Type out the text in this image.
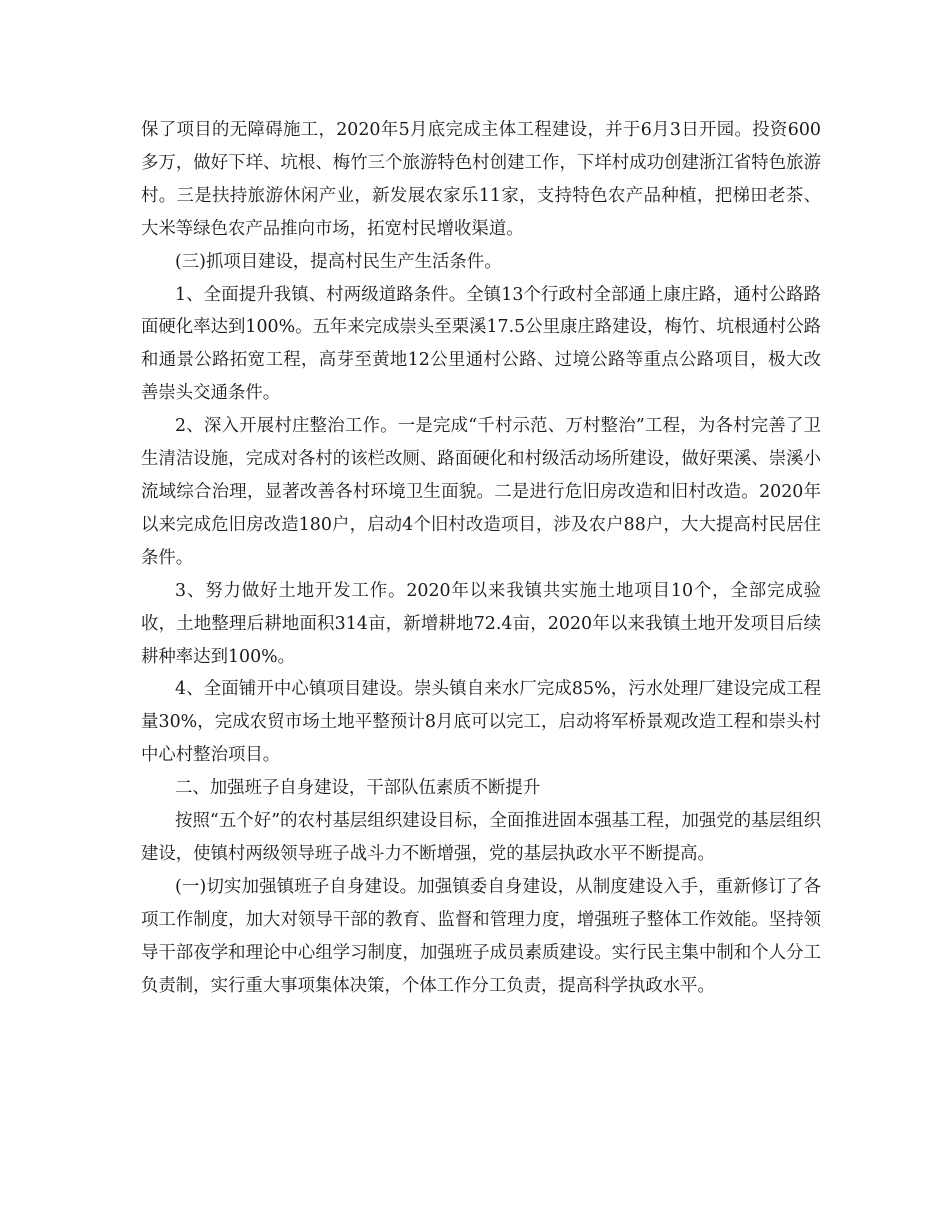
保了项目的无障碍施工，2020年5月底完成主体工程建设，并于6月3日开园。投资600多万，做好下垟、坑根、梅竹三个旅游特色村创建工作，下垟村成功创建浙江省特色旅游村。三是扶持旅游休闲产业，新发展农家乐11家，支持特色农产品种植，把梯田老茶、大米等绿色农产品推向市场，拓宽村民增收渠道。

(三)抓项目建设，提高村民生产生活条件。

1、全面提升我镇、村两级道路条件。全镇13个行政村全部通上康庄路，通村公路路面硬化率达到100%。五年来完成崇头至栗溪17.5公里康庄路建设，梅竹、坑根通村公路和通景公路拓宽工程，高芽至黄地12公里通村公路、过境公路等重点公路项目，极大改善崇头交通条件。

2、深入开展村庄整治工作。一是完成“千村示范、万村整治”工程，为各村完善了卫生清洁设施，完成对各村的该栏改厕、路面硬化和村级活动场所建设，做好栗溪、崇溪小流域综合治理，显著改善各村环境卫生面貌。二是进行危旧房改造和旧村改造。2020年以来完成危旧房改造180户，启动4个旧村改造项目，涉及农户88户，大大提高村民居住条件。

3、努力做好土地开发工作。2020年以来我镇共实施土地项目10个，全部完成验收，土地整理后耕地面积314亩，新增耕地72.4亩，2020年以来我镇土地开发项目后续耕种率达到100%。

4、全面铺开中心镇项目建设。崇头镇自来水厂完成85%，污水处理厂建设完成工程量30%，完成农贸市场土地平整预计8月底可以完工，启动将军桥景观改造工程和崇头村中心村整治项目。

二、加强班子自身建设，干部队伍素质不断提升

按照“五个好”的农村基层组织建设目标，全面推进固本强基工程，加强党的基层组织建设，使镇村两级领导班子战斗力不断增强，党的基层执政水平不断提高。

(一)切实加强镇班子自身建设。加强镇委自身建设，从制度建设入手，重新修订了各项工作制度，加大对领导干部的教育、监督和管理力度，增强班子整体工作效能。坚持领导干部夜学和理论中心组学习制度，加强班子成员素质建设。实行民主集中制和个人分工负责制，实行重大事项集体决策，个体工作分工负责，提高科学执政水平。
